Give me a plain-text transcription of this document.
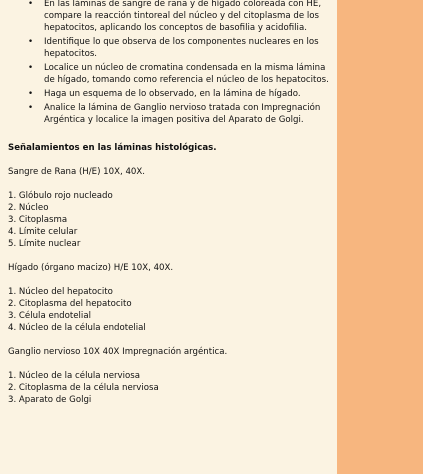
• En las láminas de sangre de rana y de hígado coloreada con HE, compare la reacción tintoreal del núcleo y del citoplasma de los hepatocitos, aplicando los conceptos de basofilia y acidofilia.
• Identifique lo que observa de los componentes nucleares en los hepatocitos.
• Localice un núcleo de cromatina condensada en la misma lámina de hígado, tomando como referencia el núcleo de los hepatocitos.
• Haga un esquema de lo observado, en la lámina de hígado.
• Analice la lámina de Ganglio nervioso tratada con Impregnación Argéntica y localice la imagen positiva del Aparato de Golgi.
Señalamientos en las láminas histológicas.
Sangre de Rana (H/E) 10X, 40X.
1. Glóbulo rojo nucleado
2. Núcleo
3. Citoplasma
4. Límite celular
5. Límite nuclear
Hígado (órgano macizo) H/E 10X, 40X.
1. Núcleo del hepatocito
2. Citoplasma del hepatocito
3. Célula endotelial
4. Núcleo de la célula endotelial
Ganglio nervioso 10X 40X Impregnación argéntica.
1. Núcleo de la célula nerviosa
2. Citoplasma de la célula nerviosa
3. Aparato de Golgi
